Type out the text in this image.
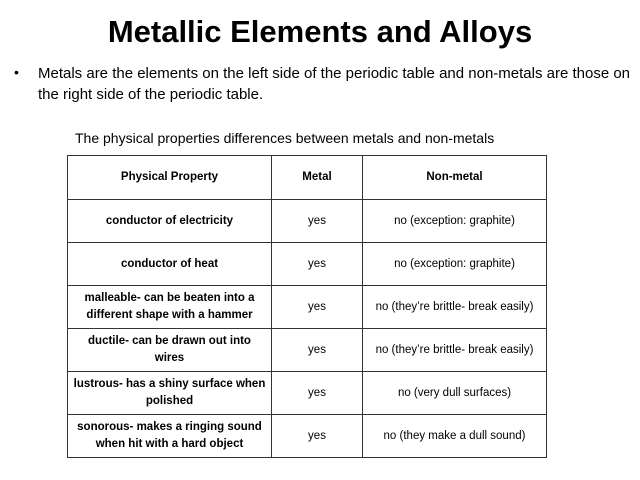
Metallic Elements and Alloys
• Metals are the elements on the left side of the periodic table and non-metals are those on the right side of the periodic table.
The physical properties differences between metals and non-metals
Physical Property	Metal	Non-metal
conductor of electricity	yes	no (exception: graphite)
conductor of heat	yes	no (exception: graphite)
malleable- can be beaten into a different shape with a hammer	yes	no (they’re brittle- break easily)
ductile- can be drawn out into wires	yes	no (they’re brittle- break easily)
lustrous- has a shiny surface when polished	yes	no (very dull surfaces)
sonorous- makes a ringing sound when hit with a hard object	yes	no (they make a dull sound)
